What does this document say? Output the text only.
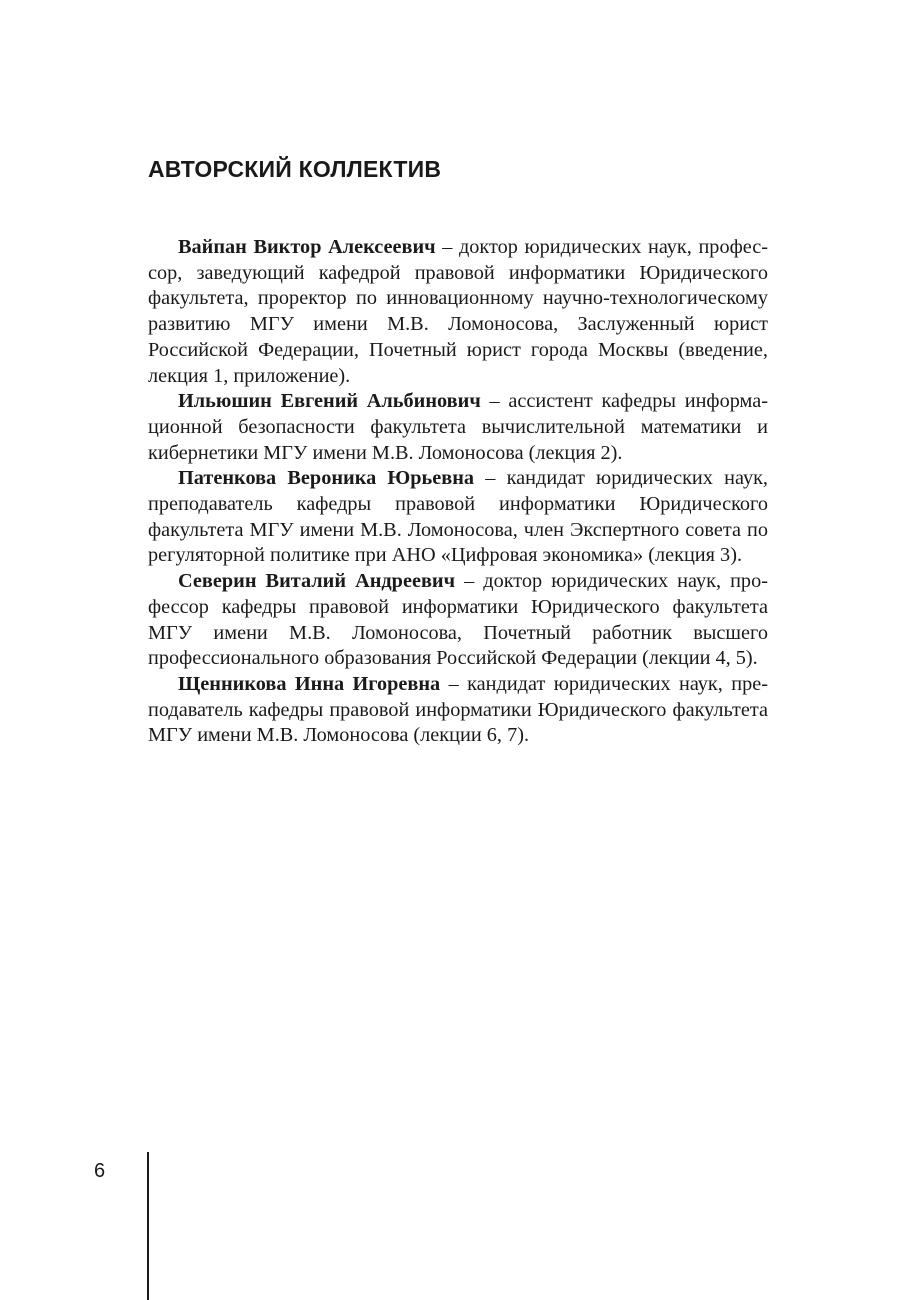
АВТОРСКИЙ КОЛЛЕКТИВ

Вайпан Виктор Алексеевич – доктор юридических наук, профессор, заведующий кафедрой правовой информатики Юридического факультета, проректор по инновационному научно-технологическому развитию МГУ имени М.В. Ломоносова, Заслуженный юрист Российской Федерации, Почетный юрист города Москвы (введение, лекция 1, приложение).

Ильюшин Евгений Альбинович – ассистент кафедры информационной безопасности факультета вычислительной математики и кибернетики МГУ имени М.В. Ломоносова (лекция 2).

Патенкова Вероника Юрьевна – кандидат юридических наук, преподаватель кафедры правовой информатики Юридического факультета МГУ имени М.В. Ломоносова, член Экспертного совета по регуляторной политике при АНО «Цифровая экономика» (лекция 3).

Северин Виталий Андреевич – доктор юридических наук, профессор кафедры правовой информатики Юридического факультета МГУ имени М.В. Ломоносова, Почетный работник высшего профессионального образования Российской Федерации (лекции 4, 5).

Щенникова Инна Игоревна – кандидат юридических наук, преподаватель кафедры правовой информатики Юридического факультета МГУ имени М.В. Ломоносова (лекции 6, 7).

6
